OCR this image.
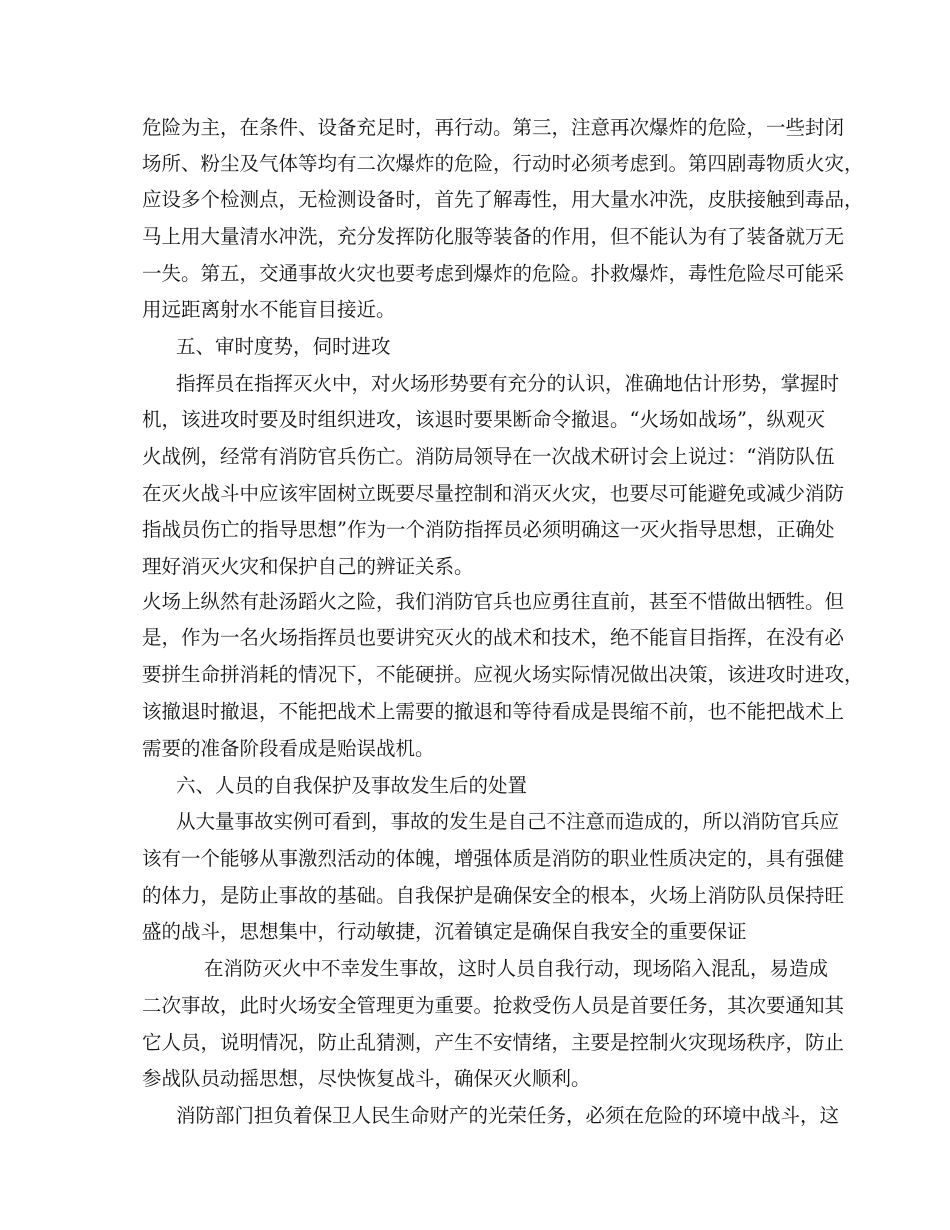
危险为主，在条件、设备充足时，再行动。第三，注意再次爆炸的危险，一些封闭

场所、粉尘及气体等均有二次爆炸的危险，行动时必须考虑到。第四剧毒物质火灾，

应设多个检测点，无检测设备时，首先了解毒性，用大量水冲洗，皮肤接触到毒品，

马上用大量清水冲洗，充分发挥防化服等装备的作用，但不能认为有了装备就万无

一失。第五，交通事故火灾也要考虑到爆炸的危险。扑救爆炸，毒性危险尽可能采

用远距离射水不能盲目接近。

五、审时度势，伺时进攻

指挥员在指挥灭火中，对火场形势要有充分的认识，准确地估计形势，掌握时

机，该进攻时要及时组织进攻，该退时要果断命令撤退。“火场如战场”，纵观灭

火战例，经常有消防官兵伤亡。消防局领导在一次战术研讨会上说过：“消防队伍

在灭火战斗中应该牢固树立既要尽量控制和消灭火灾，也要尽可能避免或减少消防

指战员伤亡的指导思想”作为一个消防指挥员必须明确这一灭火指导思想，正确处

理好消灭火灾和保护自己的辨证关系。

火场上纵然有赴汤蹈火之险，我们消防官兵也应勇往直前，甚至不惜做出牺牲。但

是，作为一名火场指挥员也要讲究灭火的战术和技术，绝不能盲目指挥，在没有必

要拼生命拼消耗的情况下，不能硬拼。应视火场实际情况做出决策，该进攻时进攻，

该撤退时撤退，不能把战术上需要的撤退和等待看成是畏缩不前，也不能把战术上

需要的准备阶段看成是贻误战机。

六、人员的自我保护及事故发生后的处置

从大量事故实例可看到，事故的发生是自己不注意而造成的，所以消防官兵应

该有一个能够从事激烈活动的体魄，增强体质是消防的职业性质决定的，具有强健

的体力，是防止事故的基础。自我保护是确保安全的根本，火场上消防队员保持旺

盛的战斗，思想集中，行动敏捷，沉着镇定是确保自我安全的重要保证

在消防灭火中不幸发生事故，这时人员自我行动，现场陷入混乱，易造成

二次事故，此时火场安全管理更为重要。抢救受伤人员是首要任务，其次要通知其

它人员，说明情况，防止乱猜测，产生不安情绪，主要是控制火灾现场秩序，防止

参战队员动摇思想，尽快恢复战斗，确保灭火顺利。

消防部门担负着保卫人民生命财产的光荣任务，必须在危险的环境中战斗，这
